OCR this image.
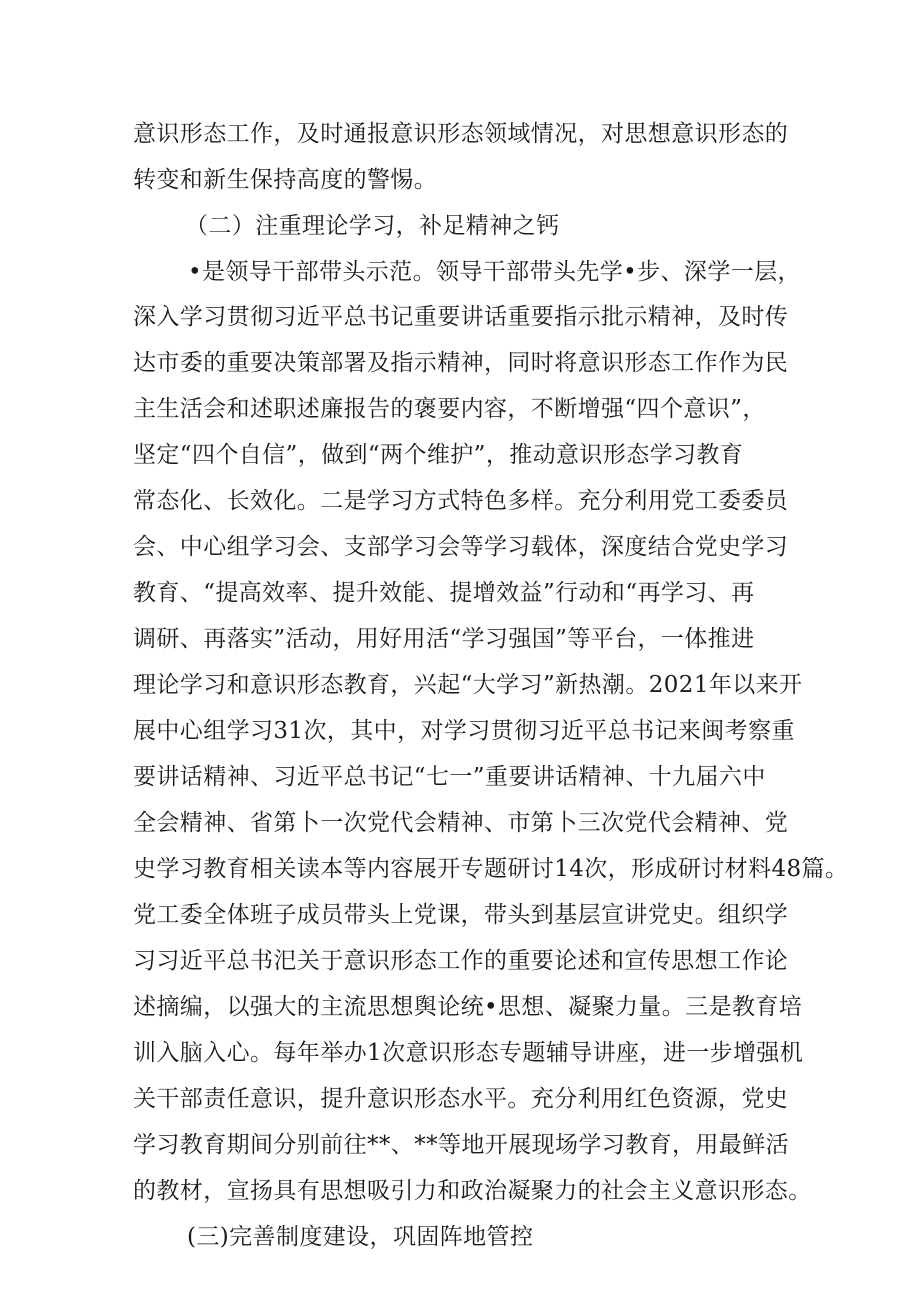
意识形态工作，及时通报意识形态领域情况，对思想意识形态的
转变和新生保持高度的警惕。
（二）注重理论学习，补足精神之钙
•是领导干部带头示范。领导干部带头先学•步、深学一层，
深入学习贯彻习近平总书记重要讲话重要指示批示精神，及时传
达市委的重要决策部署及指示精神，同时将意识形态工作作为民
主生活会和述职述廉报告的褒要内容，不断增强“四个意识”，
坚定“四个自信”，做到“两个维护”，推动意识形态学习教育
常态化、长效化。二是学习方式特色多样。充分利用党工委委员
会、中心组学习会、支部学习会等学习载体，深度结合党史学习
教育、“提高效率、提升效能、提增效益”行动和“再学习、再
调研、再落实”活动，用好用活“学习强国”等平台，一体推进
理论学习和意识形态教育，兴起“大学习”新热潮。2021年以来开
展中心组学习31次，其中，对学习贯彻习近平总书记来闽考察重
要讲话精神、习近平总书记“七一”重要讲话精神、十九届六中
全会精神、省第卜一次党代会精神、市第卜三次党代会精神、党
史学习教育相关读本等内容展开专题研讨14次，形成研讨材料48篇。
党工委全体班子成员带头上党课，带头到基层宣讲党史。组织学
习习近平总书汜关于意识形态工作的重要论述和宣传思想工作论
述摘编，以强大的主流思想舆论统•思想、凝聚力量。三是教育培
训入脑入心。每年举办1次意识形态专题辅导讲座，进一步增强机
关干部责任意识，提升意识形态水平。充分利用红色资源，党史
学习教育期间分别前往**、**等地开展现场学习教育，用最鲜活
的教材，宣扬具有思想吸引力和政治凝聚力的社会主义意识形态。
(三)完善制度建设，巩固阵地管控
